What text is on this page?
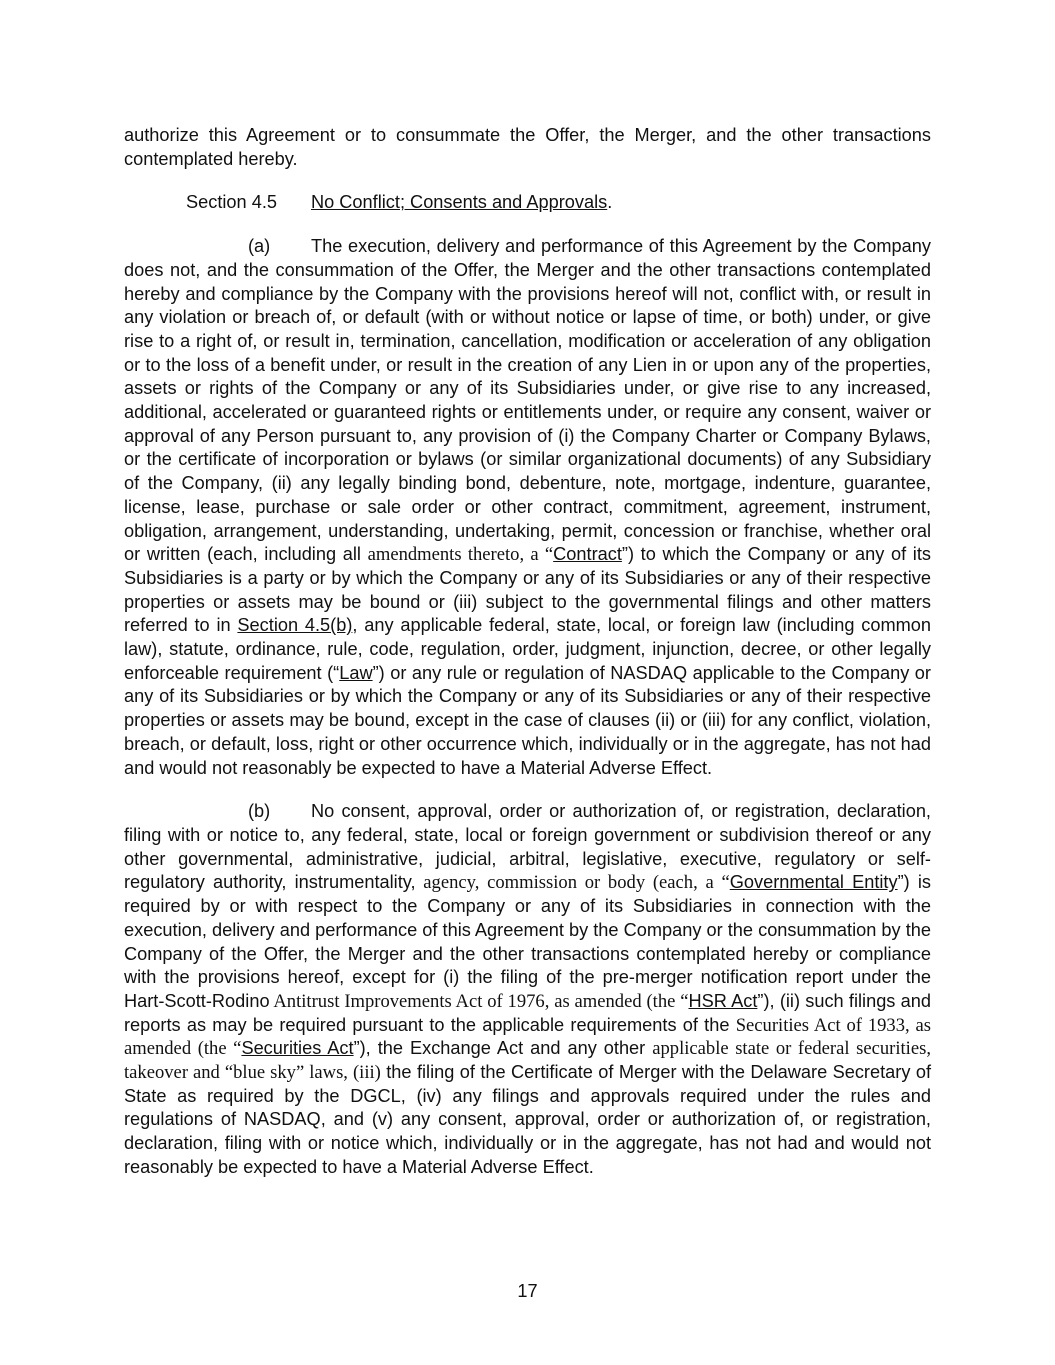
authorize this Agreement or to consummate the Offer, the Merger, and the other transactions contemplated hereby.

Section 4.5 No Conflict; Consents and Approvals.

(a) The execution, delivery and performance of this Agreement by the Company does not, and the consummation of the Offer, the Merger and the other transactions contemplated hereby and compliance by the Company with the provisions hereof will not, conflict with, or result in any violation or breach of, or default (with or without notice or lapse of time, or both) under, or give rise to a right of, or result in, termination, cancellation, modification or acceleration of any obligation or to the loss of a benefit under, or result in the creation of any Lien in or upon any of the properties, assets or rights of the Company or any of its Subsidiaries under, or give rise to any increased, additional, accelerated or guaranteed rights or entitlements under, or require any consent, waiver or approval of any Person pursuant to, any provision of (i) the Company Charter or Company Bylaws, or the certificate of incorporation or bylaws (or similar organizational documents) of any Subsidiary of the Company, (ii) any legally binding bond, debenture, note, mortgage, indenture, guarantee, license, lease, purchase or sale order or other contract, commitment, agreement, instrument, obligation, arrangement, understanding, undertaking, permit, concession or franchise, whether oral or written (each, including all amendments thereto, a “Contract”) to which the Company or any of its Subsidiaries is a party or by which the Company or any of its Subsidiaries or any of their respective properties or assets may be bound or (iii) subject to the governmental filings and other matters referred to in Section 4.5(b), any applicable federal, state, local, or foreign law (including common law), statute, ordinance, rule, code, regulation, order, judgment, injunction, decree, or other legally enforceable requirement (“Law”) or any rule or regulation of NASDAQ applicable to the Company or any of its Subsidiaries or by which the Company or any of its Subsidiaries or any of their respective properties or assets may be bound, except in the case of clauses (ii) or (iii) for any conflict, violation, breach, or default, loss, right or other occurrence which, individually or in the aggregate, has not had and would not reasonably be expected to have a Material Adverse Effect.

(b) No consent, approval, order or authorization of, or registration, declaration, filing with or notice to, any federal, state, local or foreign government or subdivision thereof or any other governmental, administrative, judicial, arbitral, legislative, executive, regulatory or self-regulatory authority, instrumentality, agency, commission or body (each, a “Governmental Entity”) is required by or with respect to the Company or any of its Subsidiaries in connection with the execution, delivery and performance of this Agreement by the Company or the consummation by the Company of the Offer, the Merger and the other transactions contemplated hereby or compliance with the provisions hereof, except for (i) the filing of the pre-merger notification report under the Hart-Scott-Rodino Antitrust Improvements Act of 1976, as amended (the “HSR Act”), (ii) such filings and reports as may be required pursuant to the applicable requirements of the Securities Act of 1933, as amended (the “Securities Act”), the Exchange Act and any other applicable state or federal securities, takeover and “blue sky” laws, (iii) the filing of the Certificate of Merger with the Delaware Secretary of State as required by the DGCL, (iv) any filings and approvals required under the rules and regulations of NASDAQ, and (v) any consent, approval, order or authorization of, or registration, declaration, filing with or notice which, individually or in the aggregate, has not had and would not reasonably be expected to have a Material Adverse Effect.

17
